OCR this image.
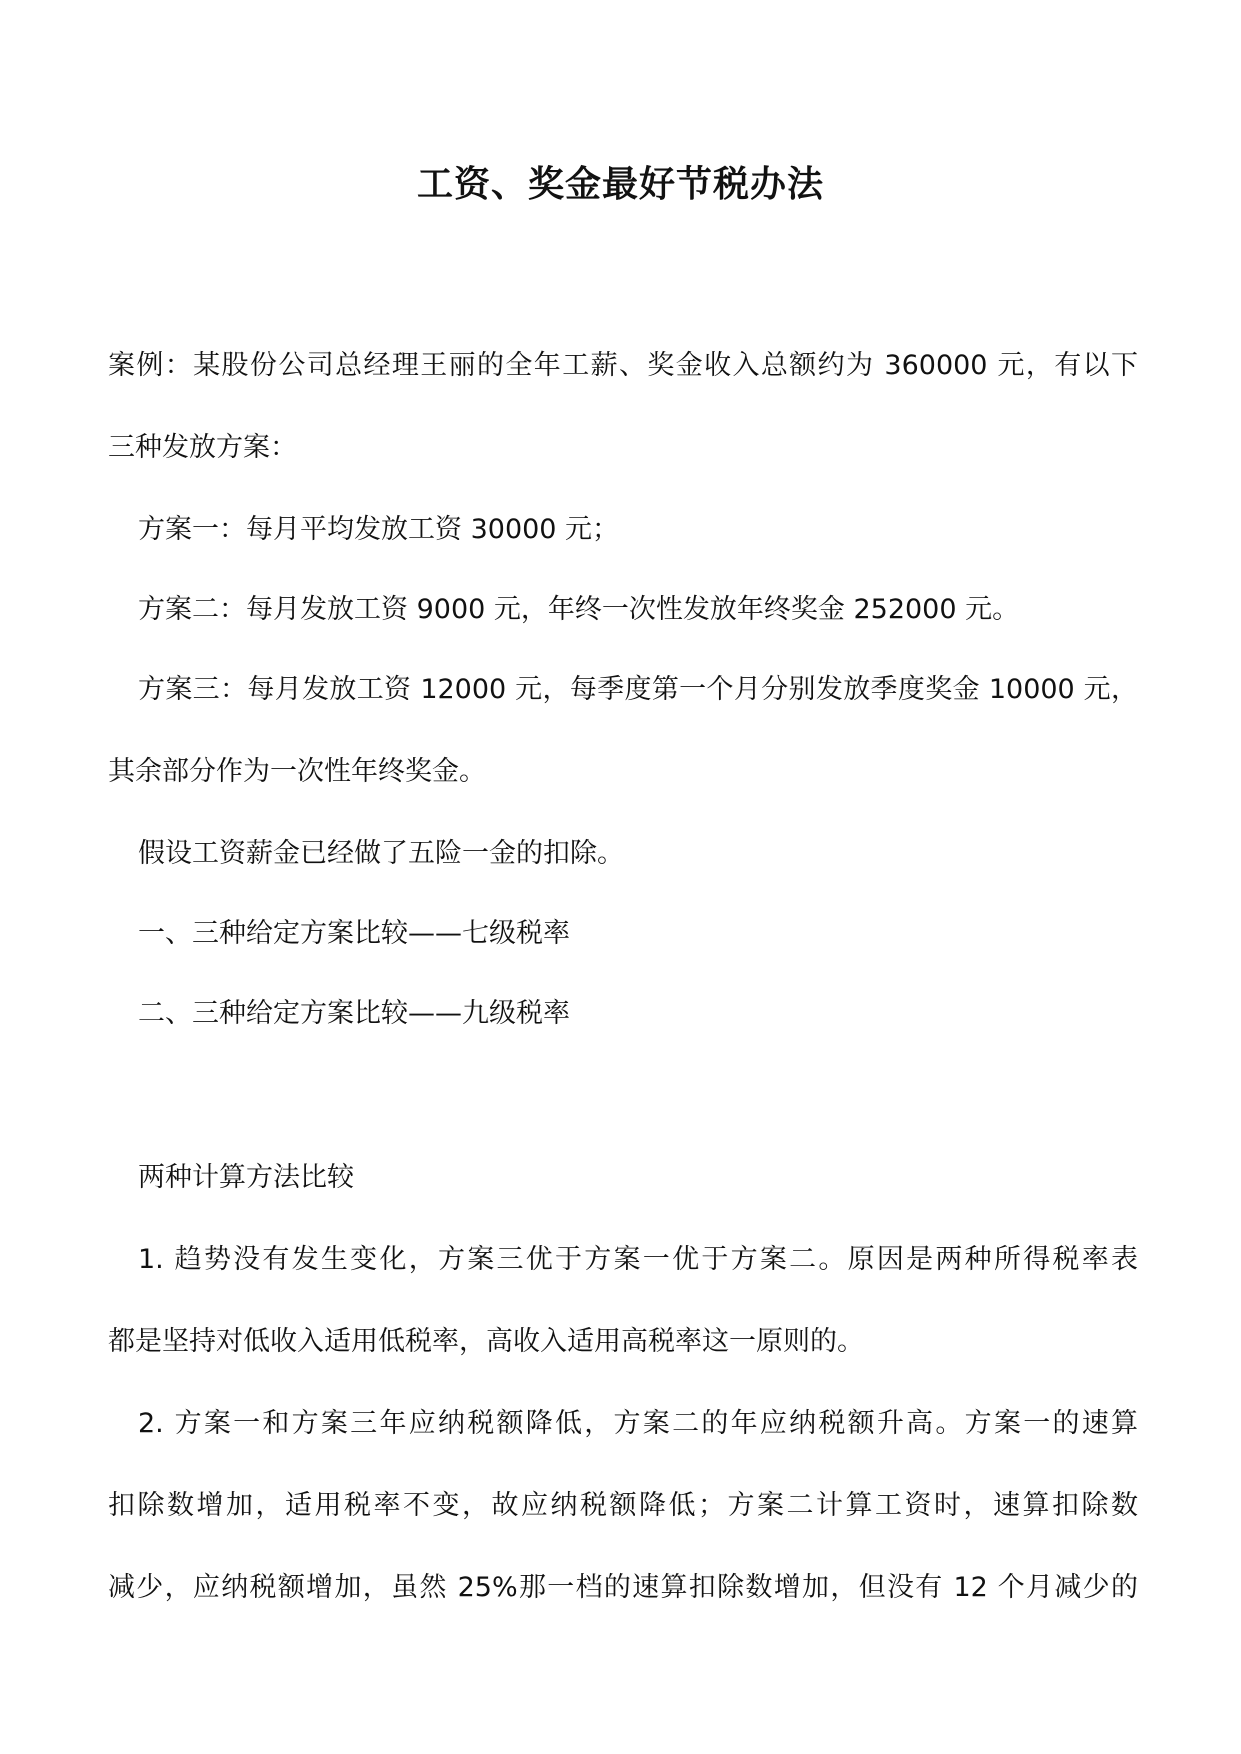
工资、奖金最好节税办法

案例：某股份公司总经理王丽的全年工薪、奖金收入总额约为 360000 元，有以下

三种发放方案：

方案一：每月平均发放工资 30000 元；

方案二：每月发放工资 9000 元，年终一次性发放年终奖金 252000 元。

方案三：每月发放工资 12000 元，每季度第一个月分别发放季度奖金 10000 元，

其余部分作为一次性年终奖金。

假设工资薪金已经做了五险一金的扣除。

一、三种给定方案比较——七级税率

二、三种给定方案比较——九级税率

两种计算方法比较

1. 趋势没有发生变化，方案三优于方案一优于方案二。原因是两种所得税率表

都是坚持对低收入适用低税率，高收入适用高税率这一原则的。

2. 方案一和方案三年应纳税额降低，方案二的年应纳税额升高。方案一的速算

扣除数增加，适用税率不变，故应纳税额降低；方案二计算工资时，速算扣除数

减少，应纳税额增加，虽然 25%那一档的速算扣除数增加，但没有 12 个月减少的
